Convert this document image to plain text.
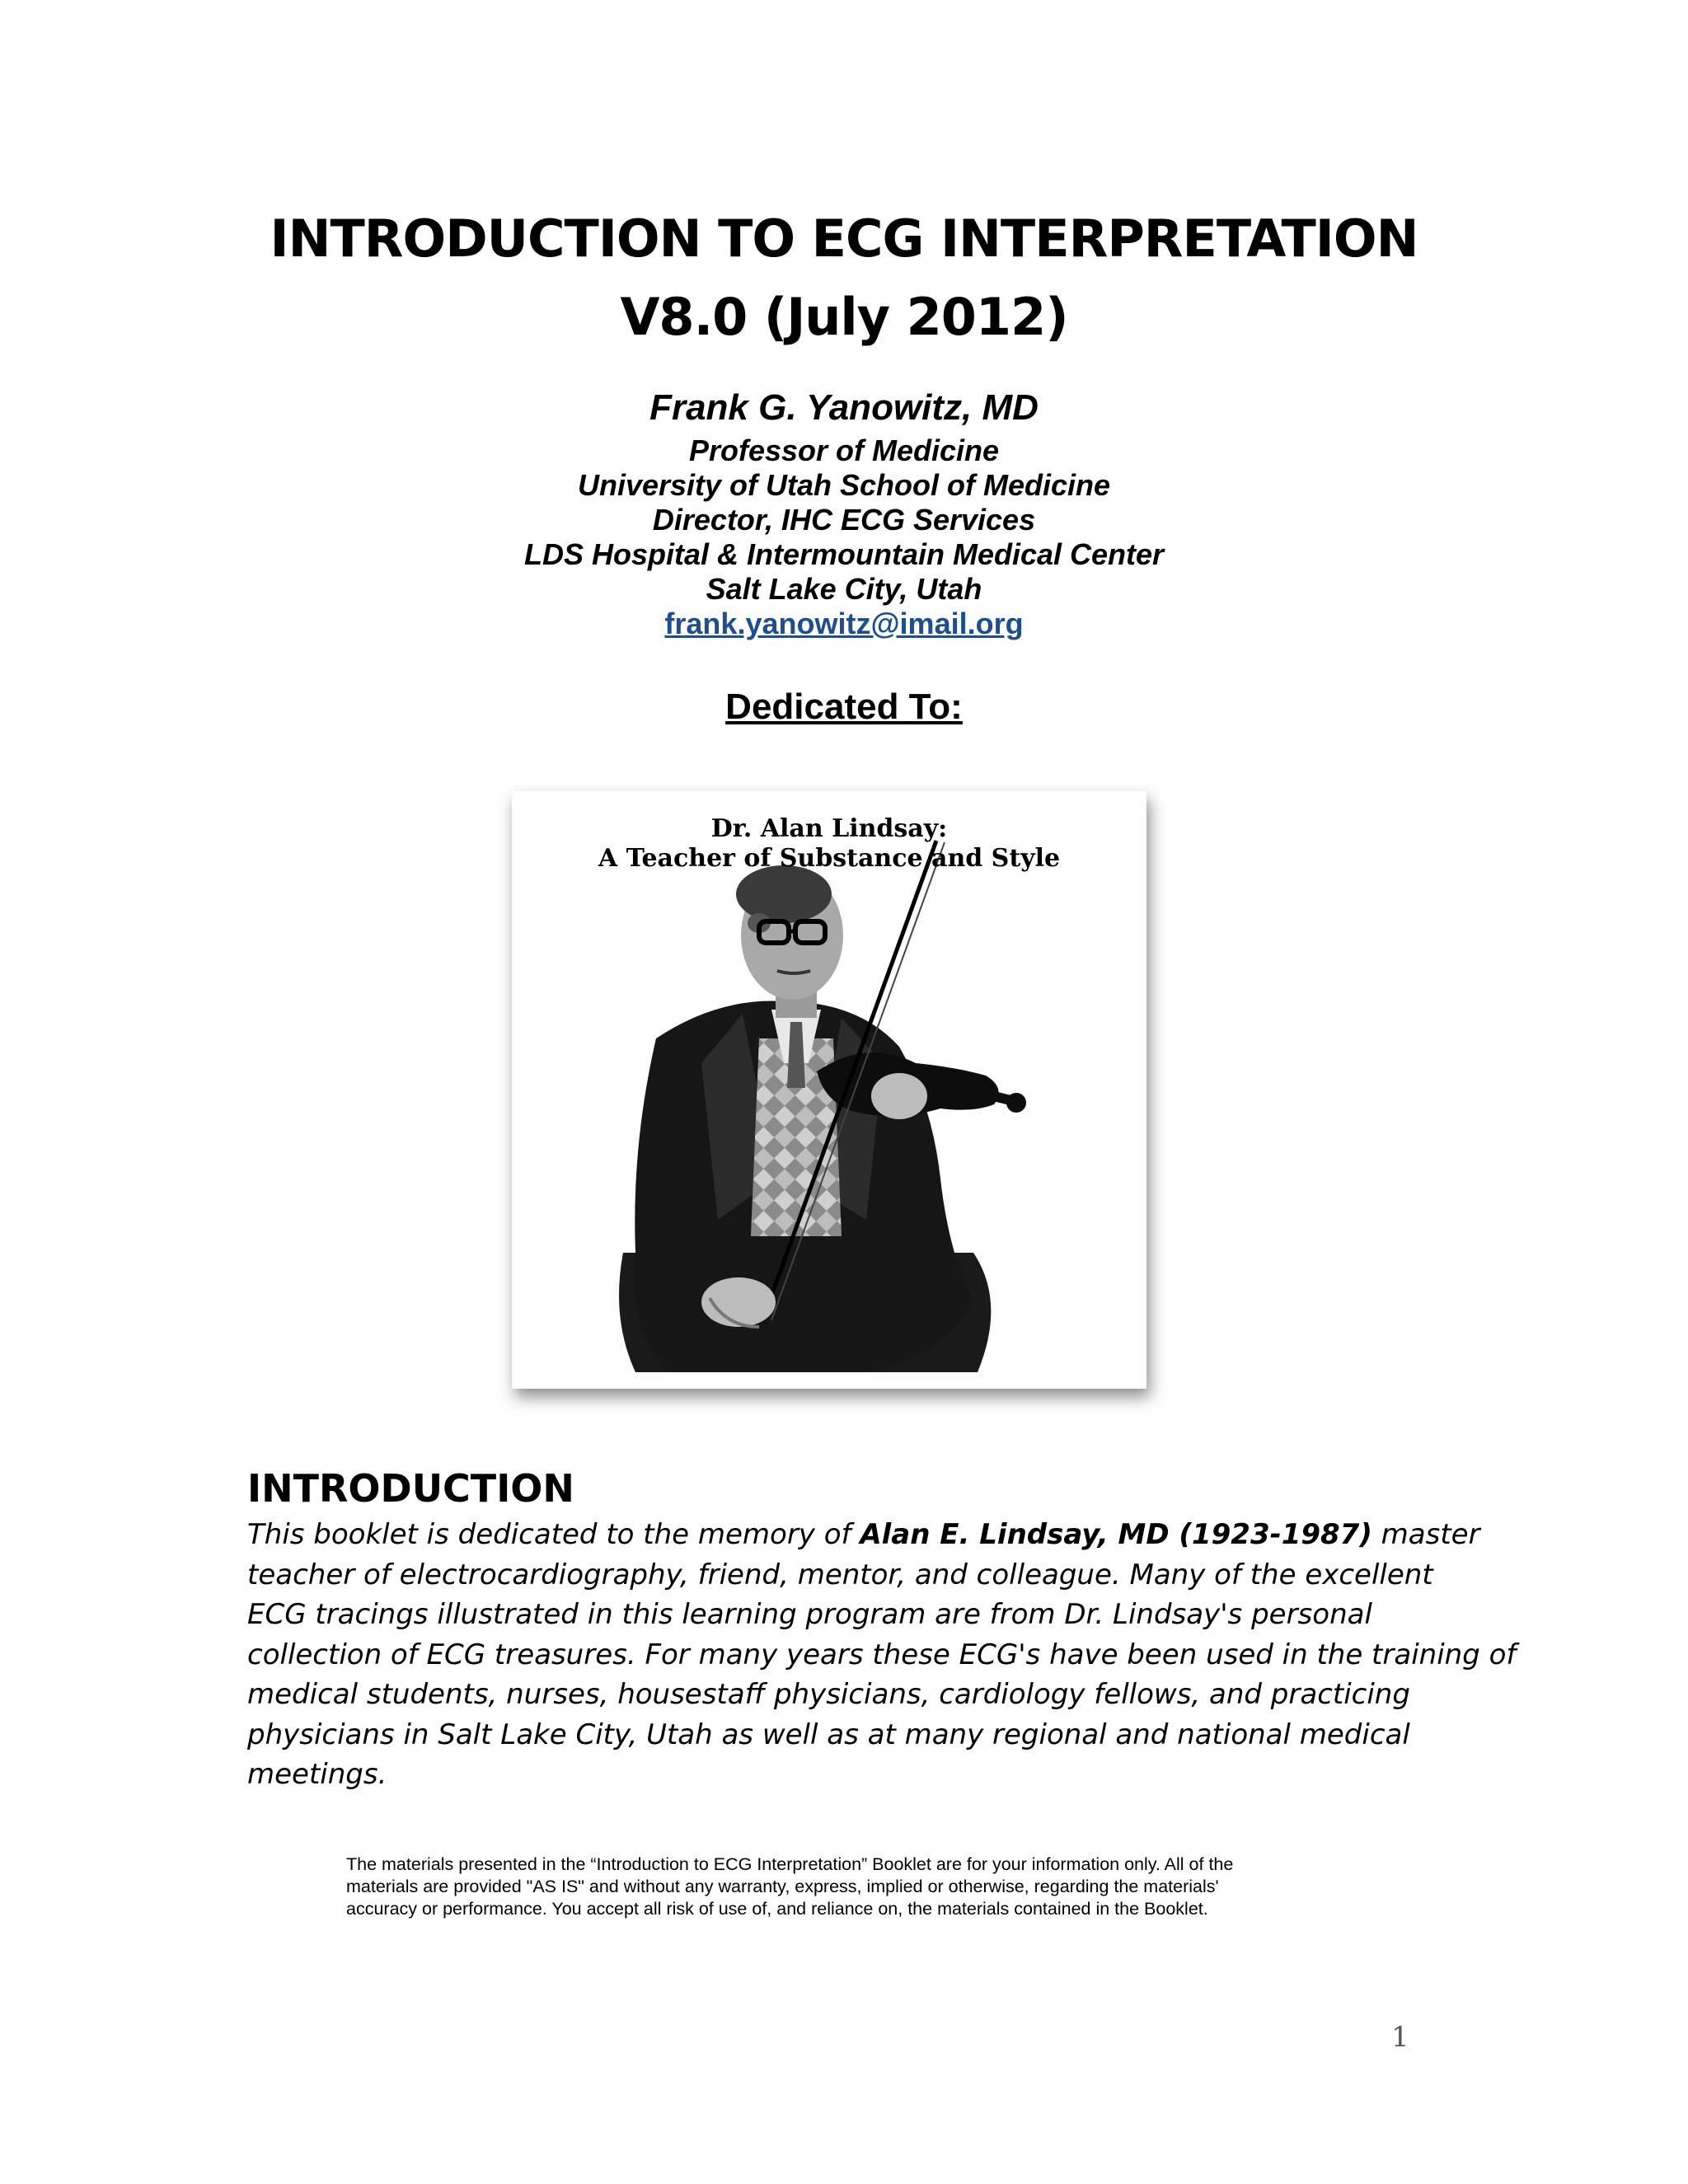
INTRODUCTION TO ECG INTERPRETATION
V8.0 (July 2012)
Frank G. Yanowitz, MD
Professor of Medicine
University of Utah School of Medicine
Director, IHC ECG Services
LDS Hospital & Intermountain Medical Center
Salt Lake City, Utah
frank.yanowitz@imail.org
Dedicated To:
Dr. Alan Lindsay:
A Teacher of Substance and Style
INTRODUCTION
This booklet is dedicated to the memory of Alan E. Lindsay, MD (1923-1987) master
teacher of electrocardiography, friend, mentor, and colleague. Many of the excellent
ECG tracings illustrated in this learning program are from Dr. Lindsay's personal
collection of ECG treasures. For many years these ECG's have been used in the training of
medical students, nurses, housestaff physicians, cardiology fellows, and practicing
physicians in Salt Lake City, Utah as well as at many regional and national medical
meetings.
The materials presented in the “Introduction to ECG Interpretation” Booklet are for your information only. All of the
materials are provided "AS IS" and without any warranty, express, implied or otherwise, regarding the materials'
accuracy or performance. You accept all risk of use of, and reliance on, the materials contained in the Booklet.
1
